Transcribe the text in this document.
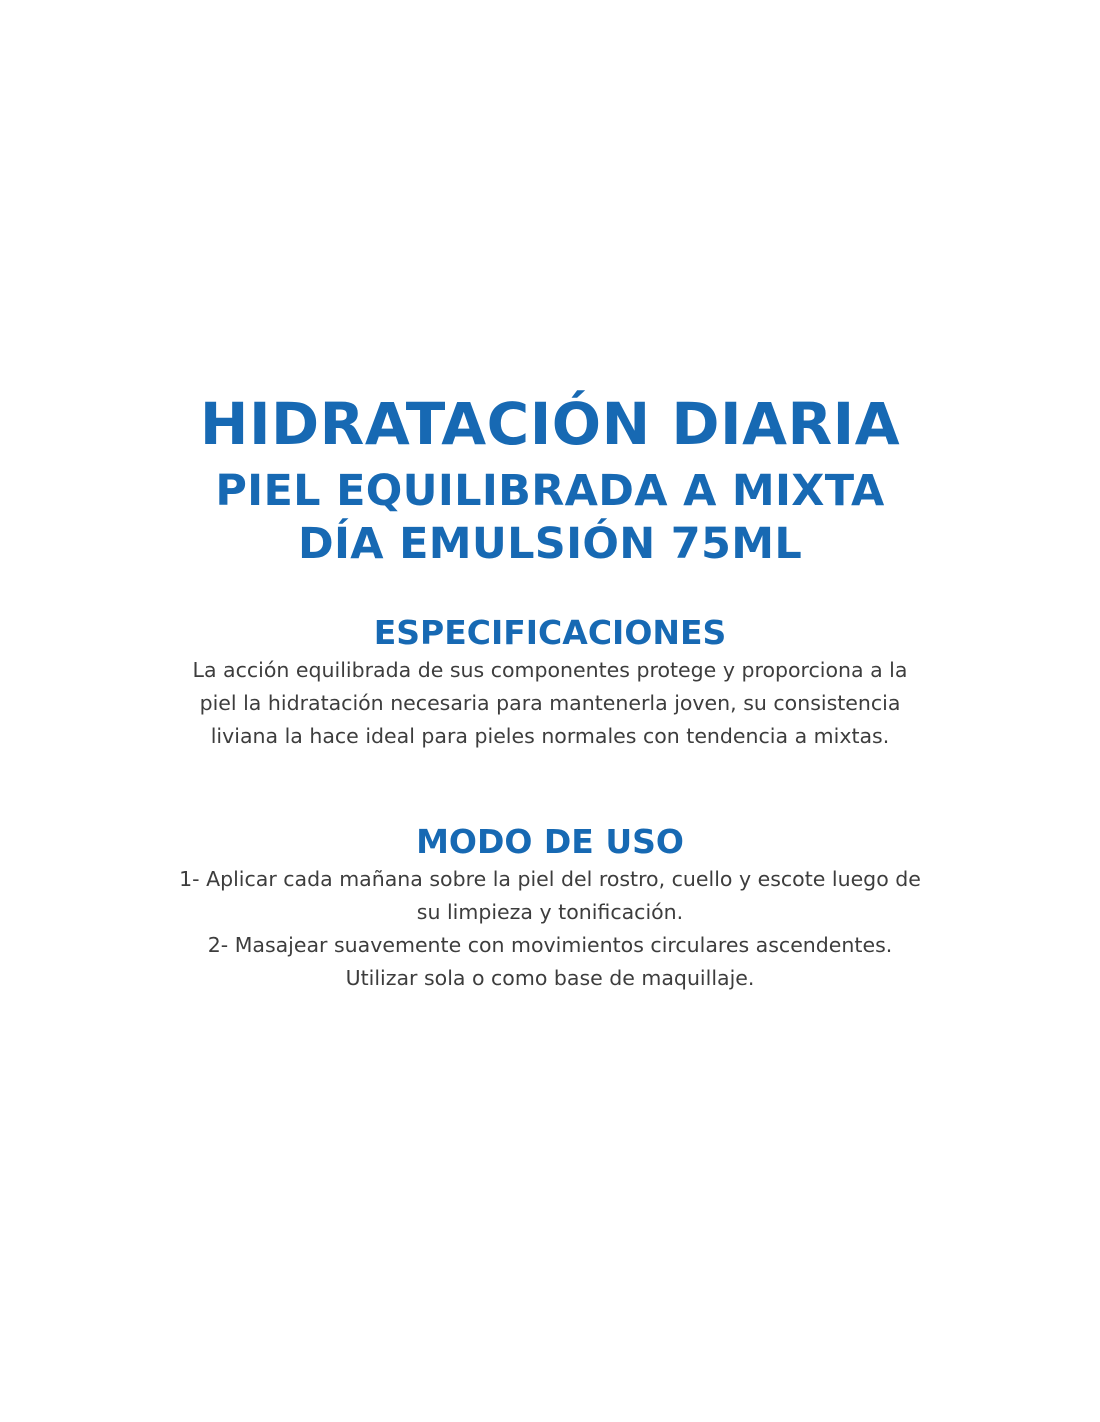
HIDRATACIÓN DIARIA
PIEL EQUILIBRADA A MIXTA
DÍA EMULSIÓN 75ML
ESPECIFICACIONES
La acción equilibrada de sus componentes protege y proporciona a la
piel la hidratación necesaria para mantenerla joven, su consistencia
liviana la hace ideal para pieles normales con tendencia a mixtas.
MODO DE USO
1- Aplicar cada mañana sobre la piel del rostro, cuello y escote luego de
su limpieza y tonificación.
2- Masajear suavemente con movimientos circulares ascendentes.
Utilizar sola o como base de maquillaje.
